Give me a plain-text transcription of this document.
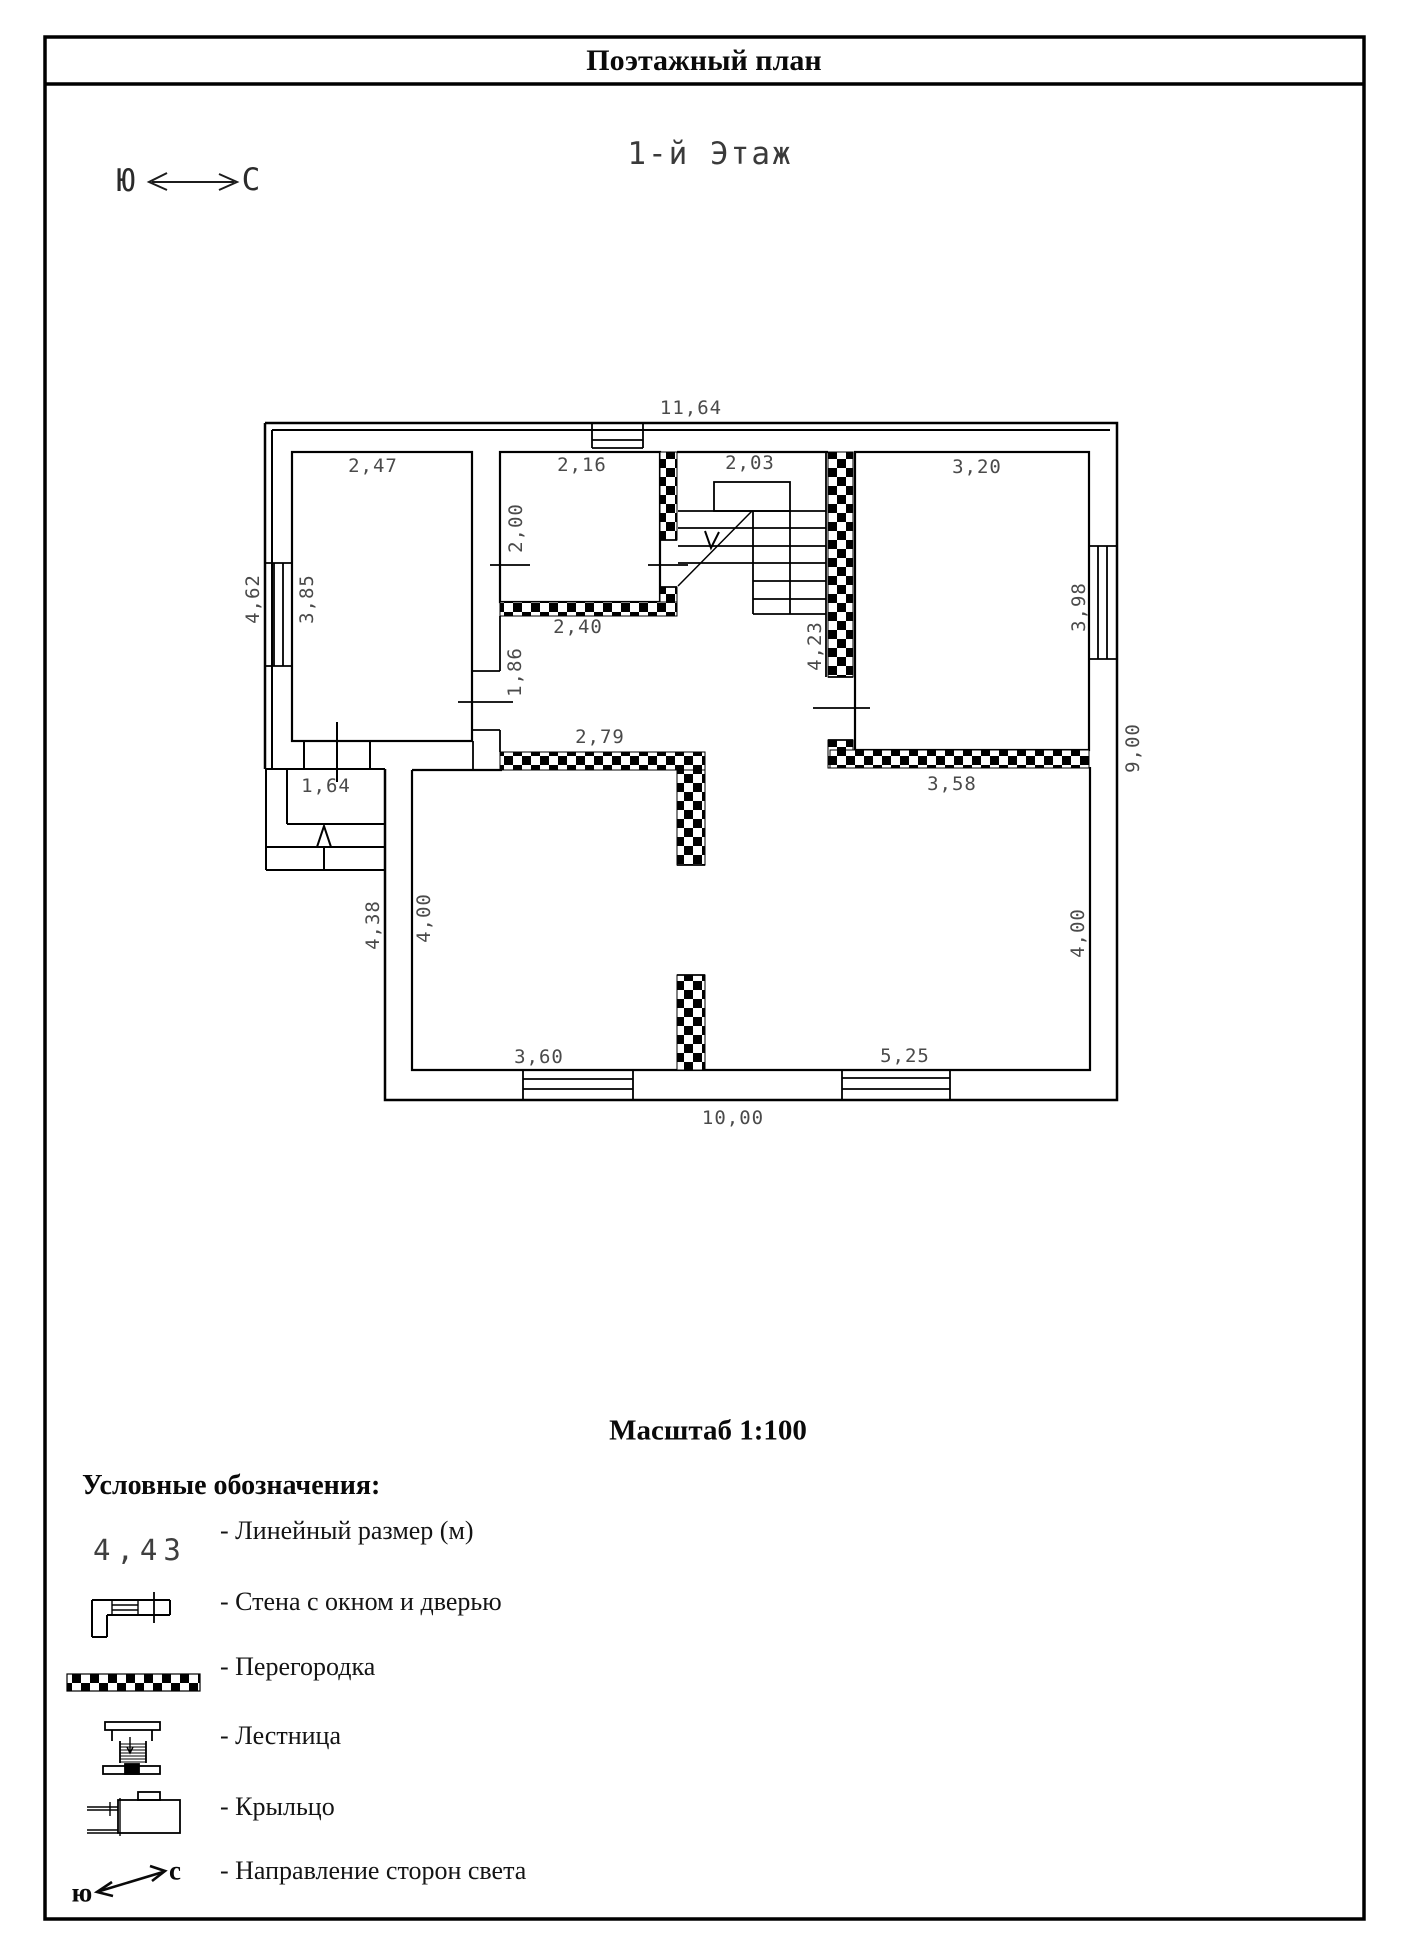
Поэтажный план
Ю	С
1-й Этаж
11,64
2,47	2,16	2,03	3,20
2,00
4,62 3,85	3,98
2,40
1,86
4,23
9,00
2,79
3,58
1,64
4,38 4,00	4,00
3,60	5,25
10,00
Масштаб 1:100
Условные обозначения:
4,43
- Линейный размер (м)
- Стена с окном и дверью
- Перегородка
- Лестница
- Крыльцо
- Направление сторон света
с
ю
